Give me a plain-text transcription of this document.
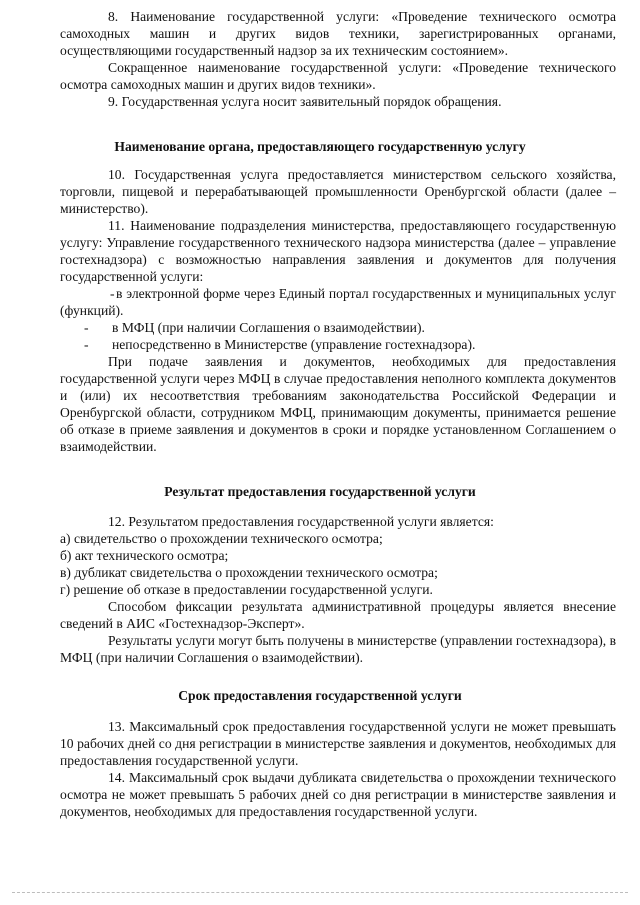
8. Наименование государственной услуги: «Проведение технического осмотра самоходных машин и других видов техники, зарегистрированных органами, осуществляющими государственный надзор за их техническим состоянием».

Сокращенное наименование государственной услуги: «Проведение технического осмотра самоходных машин и других видов техники».

9. Государственная услуга носит заявительный порядок обращения.

Наименование органа, предоставляющего государственную услугу

10. Государственная услуга предоставляется министерством сельского хозяйства, торговли, пищевой и перерабатывающей промышленности Оренбургской области (далее – министерство).

11. Наименование подразделения министерства, предоставляющего государственную услугу: Управление государственного технического надзора министерства (далее – управление гостехнадзора) с возможностью направления заявления и документов для получения государственной услуги:

- в электронной форме через Единый портал государственных и муниципальных услуг (функций).

- в МФЦ (при наличии Соглашения о взаимодействии).
- непосредственно в Министерстве (управление гостехнадзора).

При подаче заявления и документов, необходимых для предоставления государственной услуги через МФЦ в случае предоставления неполного комплекта документов и (или) их несоответствия требованиям законодательства Российской Федерации и Оренбургской области, сотрудником МФЦ, принимающим документы, принимается решение об отказе в приеме заявления и документов в сроки и порядке установленном Соглашением о взаимодействии.

Результат предоставления государственной услуги

12. Результатом предоставления государственной услуги является:

а) свидетельство о прохождении технического осмотра;
б) акт технического осмотра;
в) дубликат свидетельства о прохождении технического осмотра;
г) решение об отказе в предоставлении государственной услуги.

Способом фиксации результата административной процедуры является внесение сведений в АИС «Гостехнадзор-Эксперт».

Результаты услуги могут быть получены в министерстве (управлении гостехнадзора), в МФЦ (при наличии Соглашения о взаимодействии).

Срок предоставления государственной услуги

13. Максимальный срок предоставления государственной услуги не может превышать 10 рабочих дней со дня регистрации в министерстве заявления и документов, необходимых для предоставления государственной услуги.

14. Максимальный срок выдачи дубликата свидетельства о прохождении технического осмотра не может превышать 5 рабочих дней со дня регистрации в министерстве заявления и документов, необходимых для предоставления государственной услуги.
